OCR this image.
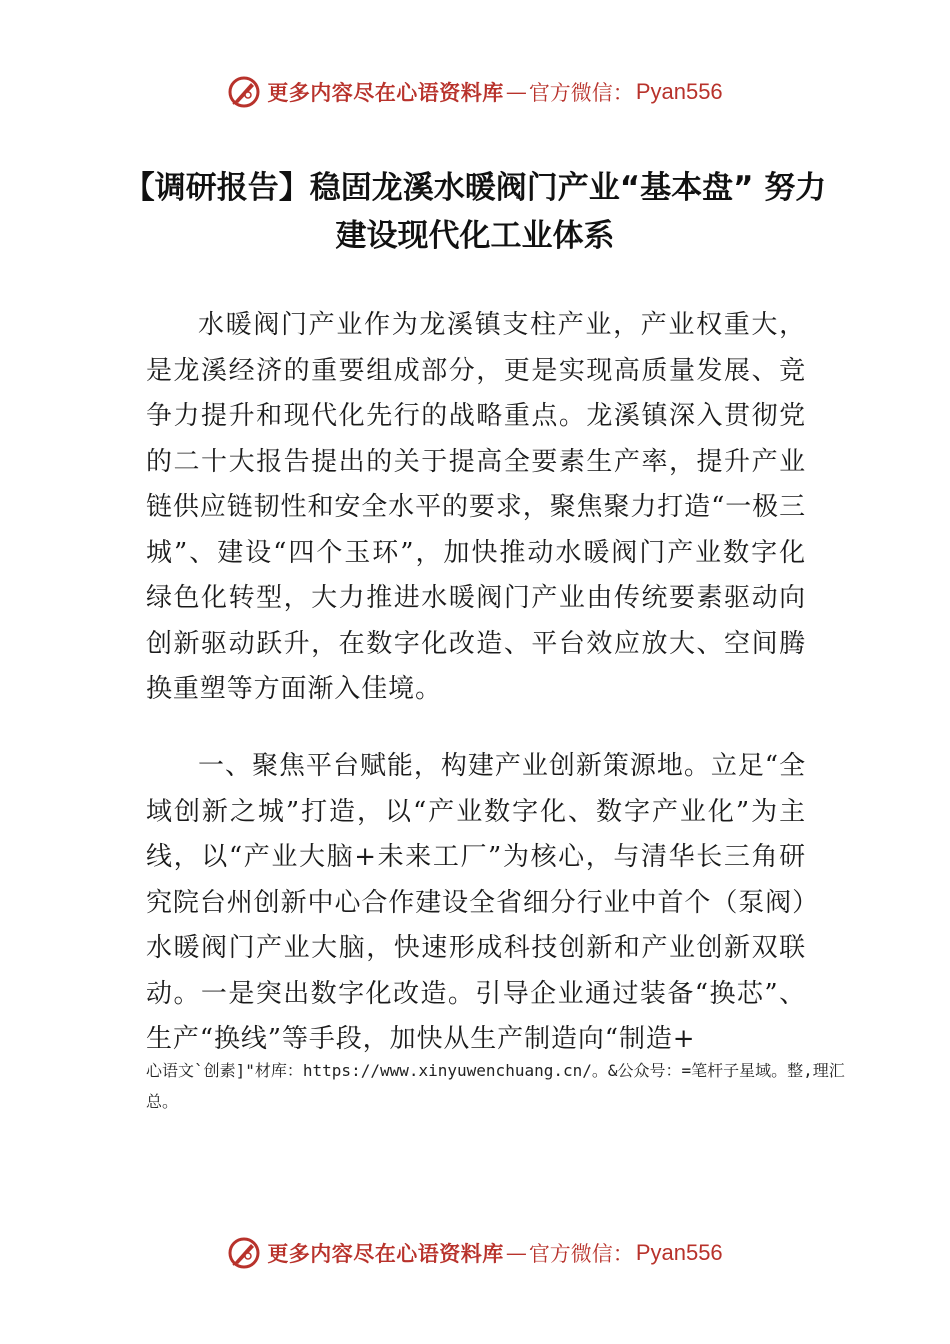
更多内容尽在心语资料库 — 官方微信： Pyan556
【调研报告】稳固龙溪水暖阀门产业“基本盘” 努力建设现代化工业体系

水暖阀门产业作为龙溪镇支柱产业，产业权重大，是龙溪经济的重要组成部分，更是实现高质量发展、竞争力提升和现代化先行的战略重点。龙溪镇深入贯彻党的二十大报告提出的关于提高全要素生产率，提升产业链供应链韧性和安全水平的要求，聚焦聚力打造“一极三城”、建设“四个玉环”，加快推动水暖阀门产业数字化绿色化转型，大力推进水暖阀门产业由传统要素驱动向创新驱动跃升，在数字化改造、平台效应放大、空间腾换重塑等方面渐入佳境。

一、聚焦平台赋能，构建产业创新策源地。立足“全域创新之城”打造，以“产业数字化、数字产业化”为主线，以“产业大脑+未来工厂”为核心，与清华长三角研究院台州创新中心合作建设全省细分行业中首个（泵阀）水暖阀门产业大脑，快速形成科技创新和产业创新双联动。一是突出数字化改造。引导企业通过装备“换芯”、生产“换线”等手段，加快从生产制造向“制造+

心语文`创素]"材库：https://www.xinyuwenchuang.cn/。&公众号：=笔杆子星域。整,理汇总。

更多内容尽在心语资料库 — 官方微信： Pyan556
